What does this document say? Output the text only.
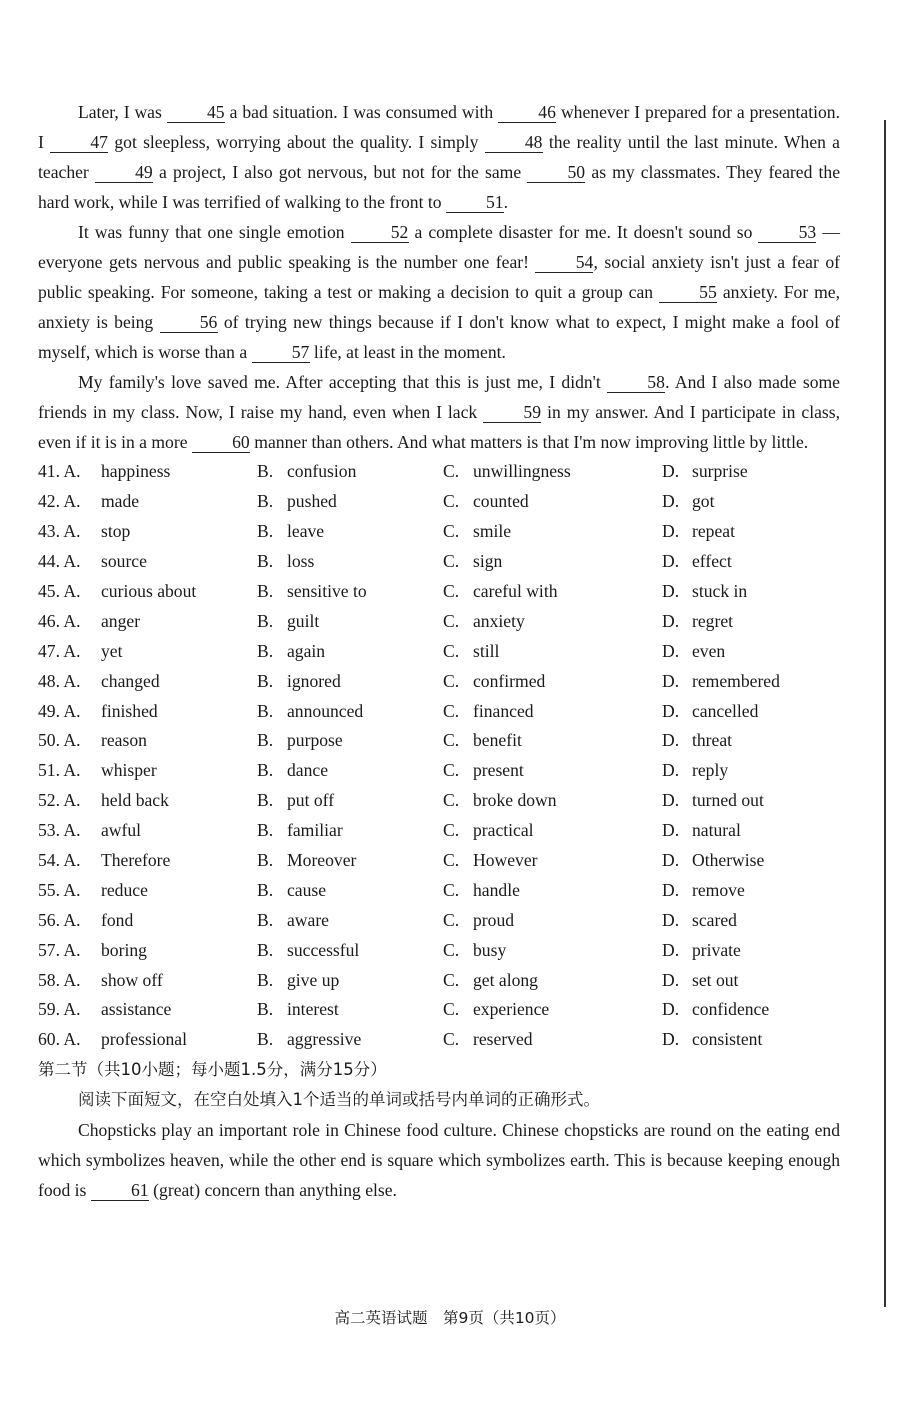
Later, I was 45 a bad situation. I was consumed with 46 whenever I prepared for a presentation. I 47 got sleepless, worrying about the quality. I simply 48 the reality until the last minute. When a teacher 49 a project, I also got nervous, but not for the same 50 as my classmates. They feared the hard work, while I was terrified of walking to the front to 51.

It was funny that one single emotion 52 a complete disaster for me. It doesn't sound so 53 —everyone gets nervous and public speaking is the number one fear! 54, social anxiety isn't just a fear of public speaking. For someone, taking a test or making a decision to quit a group can 55 anxiety. For me, anxiety is being 56 of trying new things because if I don't know what to expect, I might make a fool of myself, which is worse than a 57 life, at least in the moment.

My family's love saved me. After accepting that this is just me, I didn't 58. And I also made some friends in my class. Now, I raise my hand, even when I lack 59 in my answer. And I participate in class, even if it is in a more 60 manner than others. And what matters is that I'm now improving little by little.

41. A.	happiness	B. confusion	C. unwillingness	D. surprise
42. A.	made	B. pushed	C. counted	D. got
43. A.	stop	B. leave	C. smile	D. repeat
44. A.	source	B. loss	C. sign	D. effect
45. A.	curious about	B. sensitive to	C. careful with	D. stuck in
46. A.	anger	B. guilt	C. anxiety	D. regret
47. A.	yet	B. again	C. still	D. even
48. A.	changed	B. ignored	C. confirmed	D. remembered
49. A.	finished	B. announced	C. financed	D. cancelled
50. A.	reason	B. purpose	C. benefit	D. threat
51. A.	whisper	B. dance	C. present	D. reply
52. A.	held back	B. put off	C. broke down	D. turned out
53. A.	awful	B. familiar	C. practical	D. natural
54. A.	Therefore	B. Moreover	C. However	D. Otherwise
55. A.	reduce	B. cause	C. handle	D. remove
56. A.	fond	B. aware	C. proud	D. scared
57. A.	boring	B. successful	C. busy	D. private
58. A.	show off	B. give up	C. get along	D. set out
59. A.	assistance	B. interest	C. experience	D. confidence
60. A.	professional	B. aggressive	C. reserved	D. consistent

第二节（共10小题；每小题1.5分，满分15分）

阅读下面短文，在空白处填入1个适当的单词或括号内单词的正确形式。

Chopsticks play an important role in Chinese food culture. Chinese chopsticks are round on the eating end which symbolizes heaven, while the other end is square which symbolizes earth. This is because keeping enough food is 61 (great) concern than anything else.

高二英语试题　第9页（共10页）
